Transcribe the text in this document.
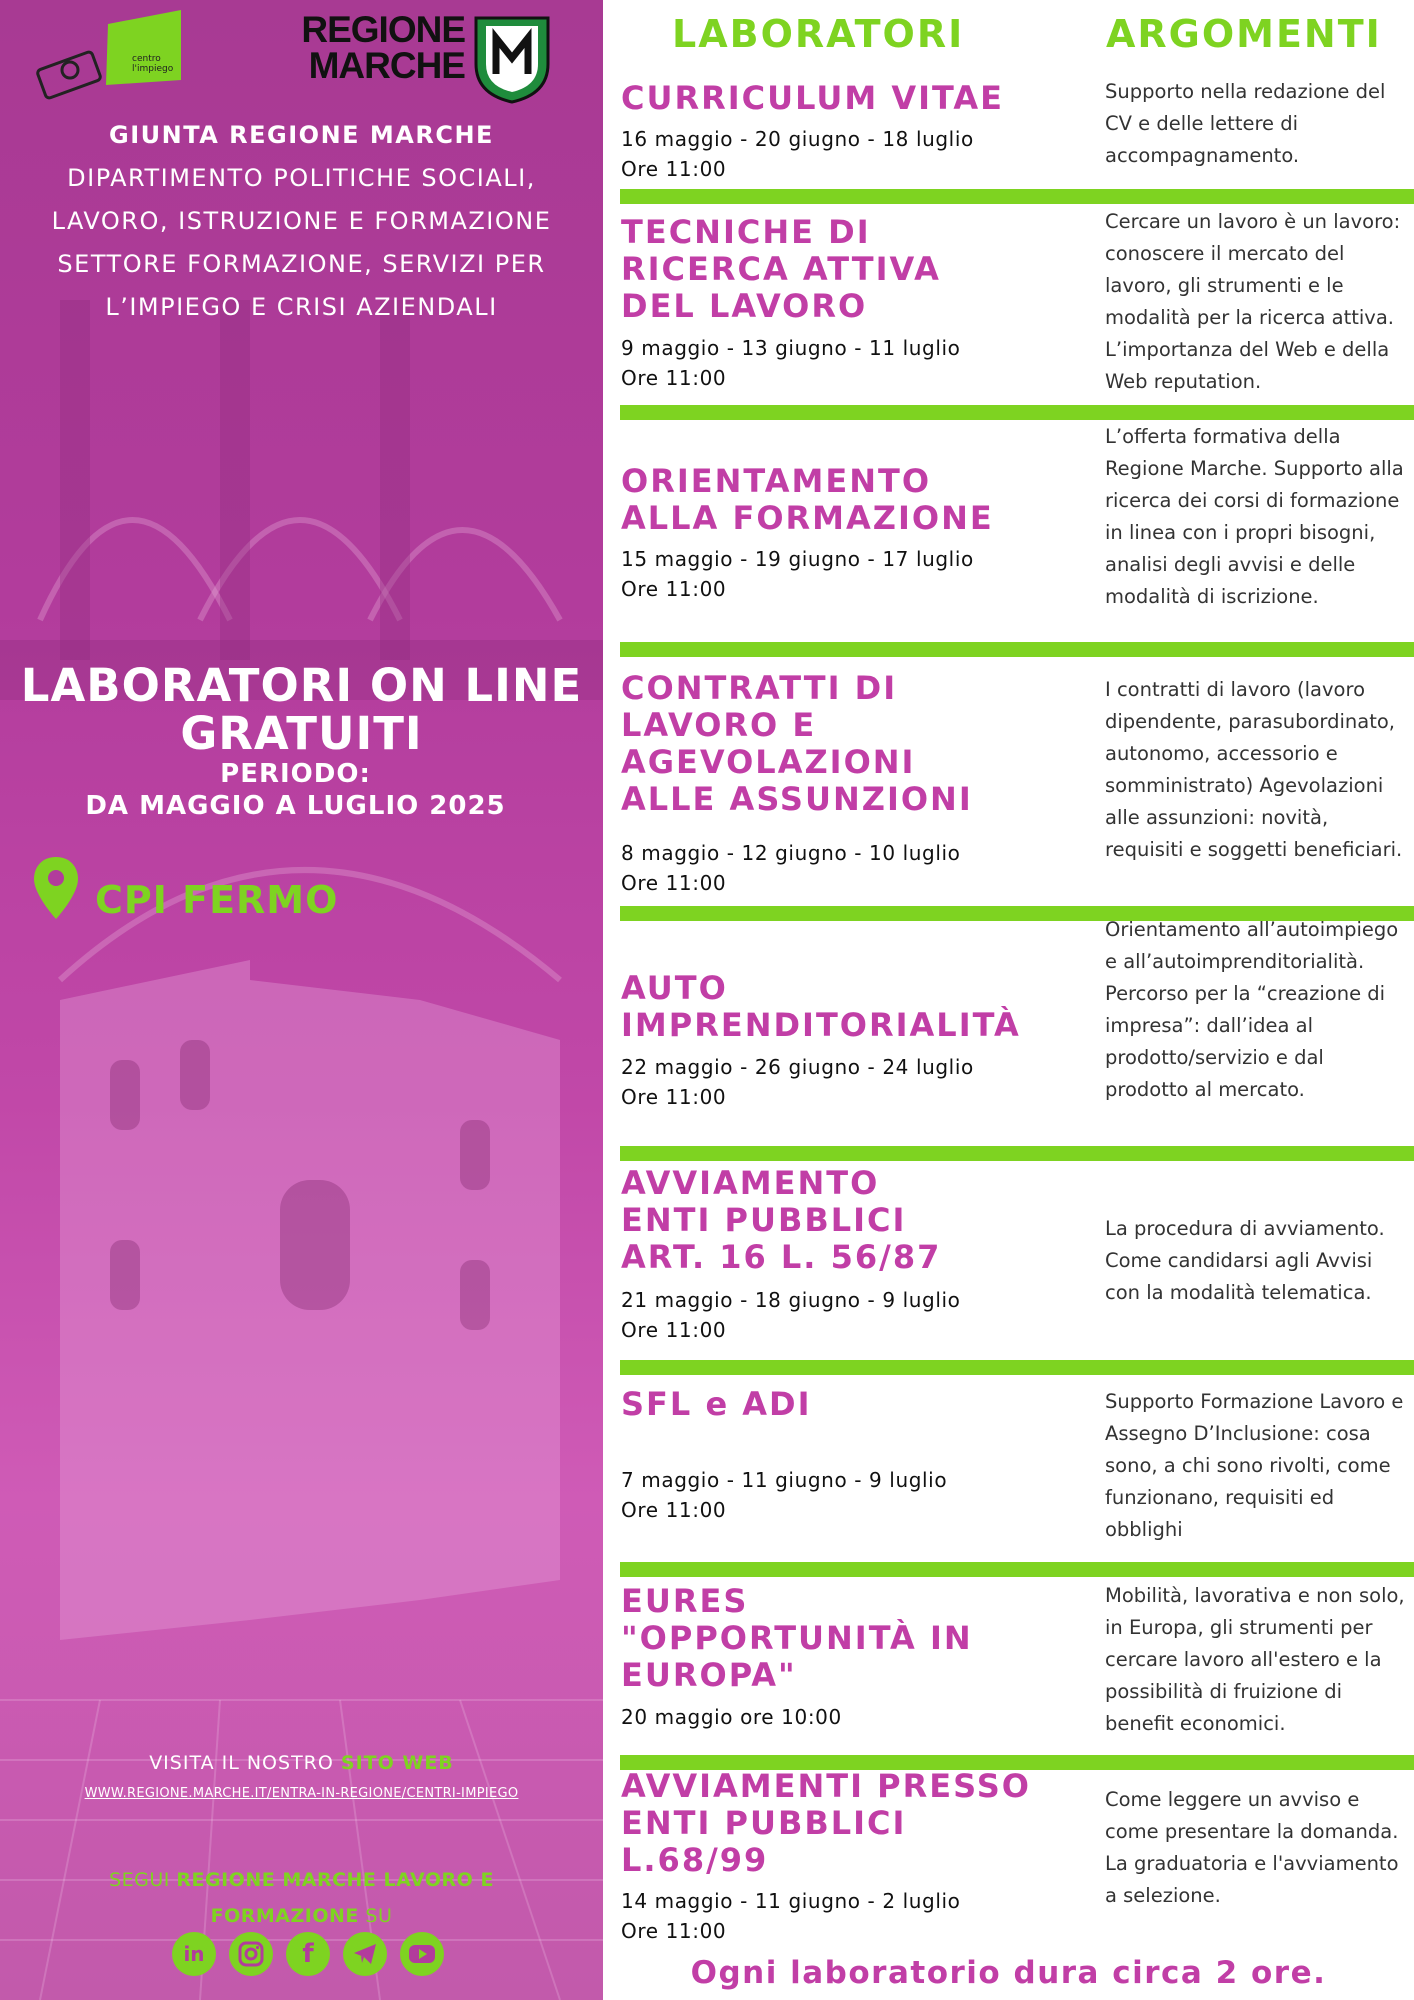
centro l'impiego
REGIONE
MARCHE
GIUNTA REGIONE MARCHE
DIPARTIMENTO POLITICHE SOCIALI,
LAVORO, ISTRUZIONE E FORMAZIONE
SETTORE FORMAZIONE, SERVIZI PER
L’IMPIEGO E CRISI AZIENDALI
LABORATORI ON LINE
GRATUITI
PERIODO:
DA MAGGIO A LUGLIO 2025
CPI FERMO
VISITA IL NOSTRO SITO WEB
WWW.REGIONE.MARCHE.IT/ENTRA-IN-REGIONE/CENTRI-IMPIEGO
SEGUI REGIONE MARCHE LAVORO E
FORMAZIONE SU
in	f
LABORATORI	ARGOMENTI
CURRICULUM VITAE
16 maggio - 20 giugno - 18 luglio
Ore 11:00
Supporto nella redazione del CV e delle lettere di accompagnamento.
TECNICHE DI
RICERCA ATTIVA
DEL LAVORO
9 maggio - 13 giugno - 11 luglio
Ore 11:00
Cercare un lavoro è un lavoro: conoscere il mercato del lavoro, gli strumenti e le modalità per la ricerca attiva. L’importanza del Web e della Web reputation.
ORIENTAMENTO
ALLA FORMAZIONE
15 maggio - 19 giugno - 17 luglio
Ore 11:00
L’offerta formativa della Regione Marche. Supporto alla ricerca dei corsi di formazione in linea con i propri bisogni, analisi degli avvisi e delle modalità di iscrizione.
CONTRATTI DI
LAVORO E
AGEVOLAZIONI
ALLE ASSUNZIONI
8 maggio - 12 giugno - 10 luglio
Ore 11:00
I contratti di lavoro (lavoro dipendente, parasubordinato, autonomo, accessorio e somministrato) Agevolazioni alle assunzioni: novità, requisiti e soggetti beneficiari.
AUTO
IMPRENDITORIALITÀ
22 maggio - 26 giugno - 24 luglio
Ore 11:00
Orientamento all’autoimpiego e all’autoimprenditorialità. Percorso per la “creazione di impresa”: dall’idea al prodotto/servizio e dal prodotto al mercato.
AVVIAMENTO
ENTI PUBBLICI
ART. 16 L. 56/87
21 maggio - 18 giugno - 9 luglio
Ore 11:00
La procedura di avviamento. Come candidarsi agli Avvisi con la modalità telematica.
SFL e ADI
7 maggio - 11 giugno - 9 luglio
Ore 11:00
Supporto Formazione Lavoro e Assegno D’Inclusione: cosa sono, a chi sono rivolti, come funzionano, requisiti ed obblighi
EURES
"OPPORTUNITÀ IN
EUROPA"
20 maggio ore 10:00
Mobilità, lavorativa e non solo, in Europa, gli strumenti per cercare lavoro all'estero e la possibilità di fruizione di benefit economici.
AVVIAMENTI PRESSO
ENTI PUBBLICI
L.68/99
14 maggio - 11 giugno - 2 luglio
Ore 11:00
Come leggere un avviso e come presentare la domanda. La graduatoria e l'avviamento a selezione.
Ogni laboratorio dura circa 2 ore.
